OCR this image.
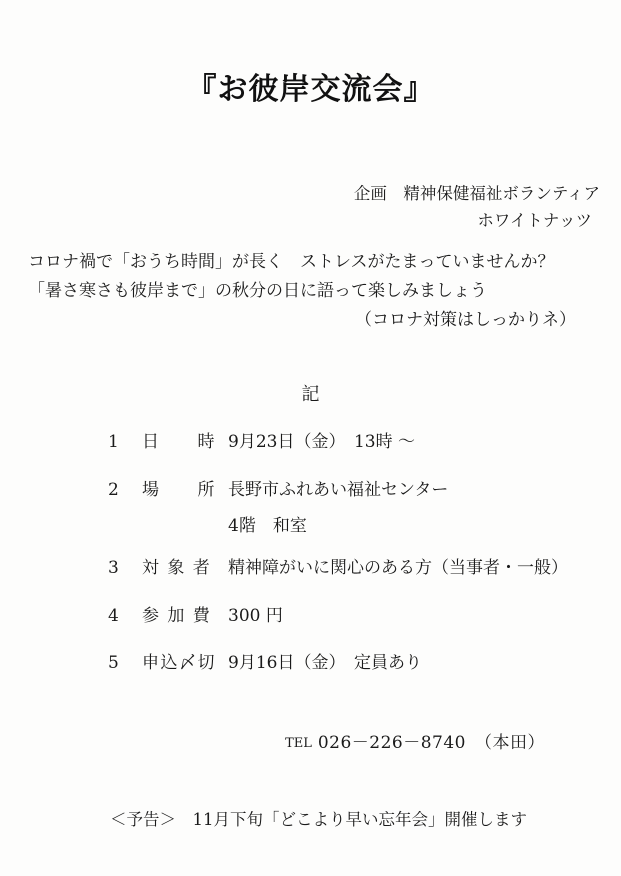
『お彼岸交流会』
企画　精神保健福祉ボランティア
ホワイトナッツ
コロナ禍で「おうち時間」が長く　ストレスがたまっていませんか？
「暑さ寒さも彼岸まで」の秋分の日に語って楽しみましょう
（コロナ対策はしっかりネ）
記
1	日　　時 9月23日（金）　13時 ～
2	場　　所 長野市ふれあい福祉センター
4階　和室
3	対 象 者 精神障がいに関心のある方（当事者・一般）
4	参 加 費 300 円
5	申込〆切 9月16日（金）　定員あり
TEL 026－226－8740　（本田）
＜予告＞　11月下旬「どこより早い忘年会」開催します
